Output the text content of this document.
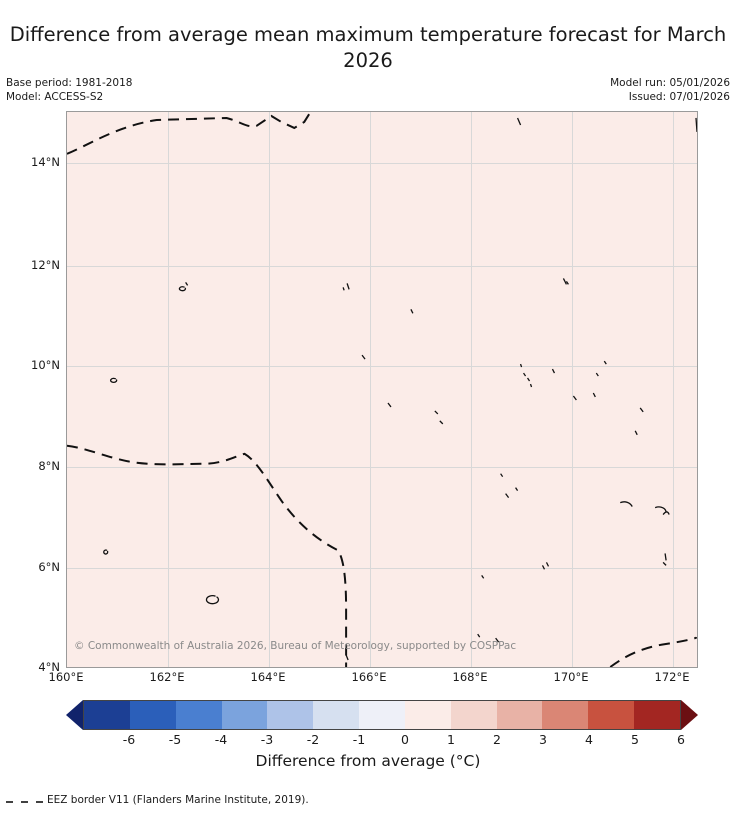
Difference from average mean maximum temperature forecast for March 2026
Base period: 1981-2018
Model: ACCESS-S2
Model run: 05/01/2026
Issued: 07/01/2026
14°N
12°N
10°N
8°N
6°N
4°N
160°E	162°E	164°E	166°E	168°E	170°E	172°E
© Commonwealth of Australia 2026, Bureau of Meteorology, supported by COSPPac
-6	-5	-4	-3	-2	-1	0	1	2	3	4	5	6
Difference from average (°C)
EEZ border V11 (Flanders Marine Institute, 2019).
